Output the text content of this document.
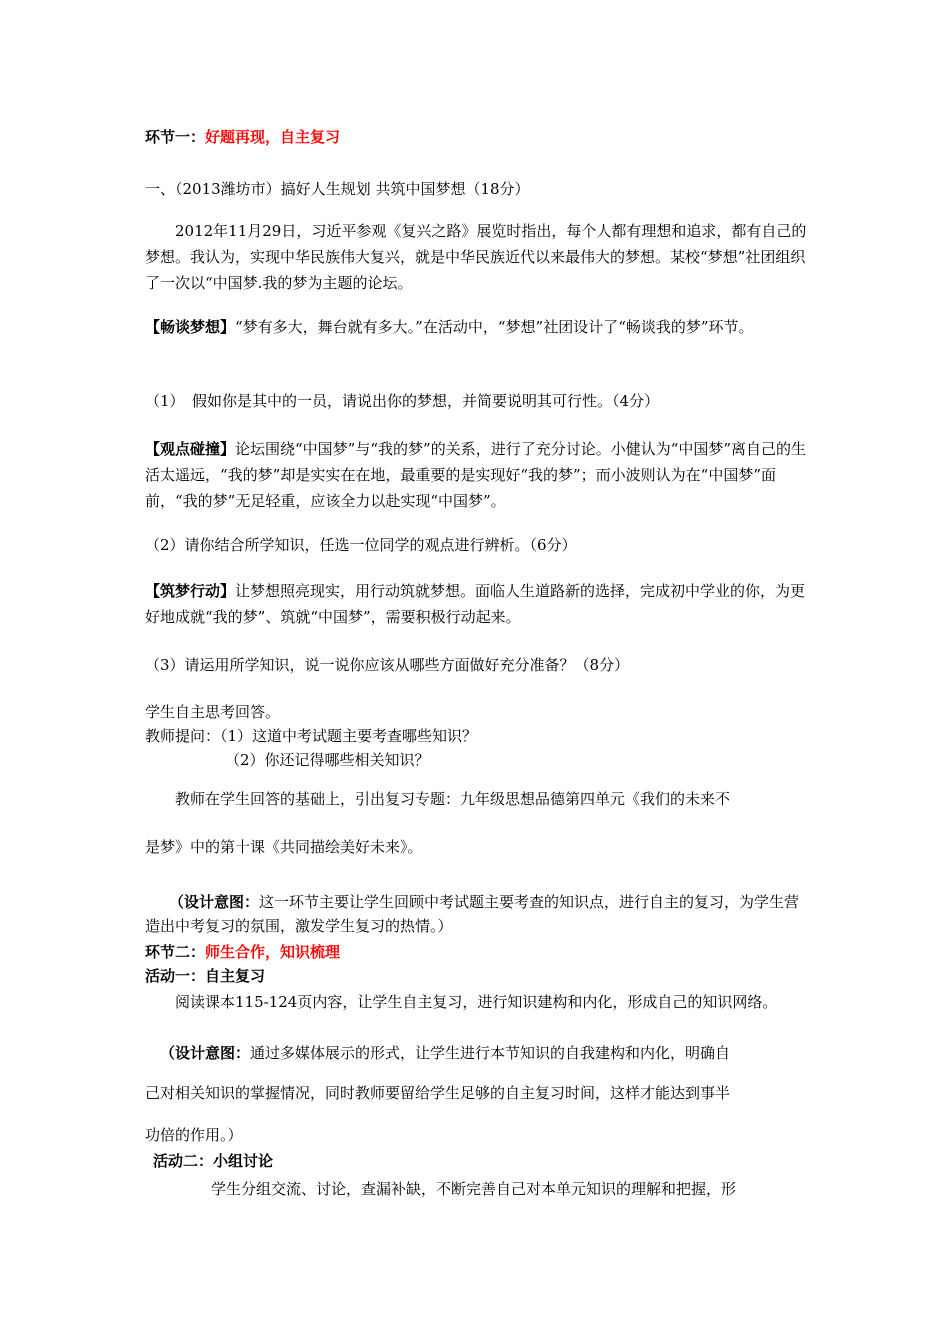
环节一：好题再现，自主复习
一、（2013潍坊市）搞好人生规划 共筑中国梦想（18分）
2012年11月29日，习近平参观《复兴之路》展览时指出，每个人都有理想和追求，都有自己的梦想。我认为，实现中华民族伟大复兴，就是中华民族近代以来最伟大的梦想。某校“梦想”社团组织了一次以“中国梦.我的梦为主题的论坛。
【畅谈梦想】“梦有多大，舞台就有多大。”在活动中，“梦想”社团设计了“畅谈我的梦”环节。
（1）　假如你是其中的一员，请说出你的梦想，并简要说明其可行性。（4分）
【观点碰撞】论坛围绕“中国梦”与“我的梦”的关系，进行了充分讨论。小健认为“中国梦”离自己的生活太遥远，“我的梦”却是实实在在地，最重要的是实现好“我的梦”；而小波则认为在“中国梦”面前，“我的梦”无足轻重，应该全力以赴实现“中国梦”。
（2）请你结合所学知识，任选一位同学的观点进行辨析。（6分）
【筑梦行动】让梦想照亮现实，用行动筑就梦想。面临人生道路新的选择，完成初中学业的你，为更好地成就“我的梦”、筑就“中国梦”，需要积极行动起来。
（3）请运用所学知识，说一说你应该从哪些方面做好充分准备？（8分）
学生自主思考回答。
教师提问：（1）这道中考试题主要考查哪些知识？
（2）你还记得哪些相关知识？
教师在学生回答的基础上，引出复习专题：九年级思想品德第四单元《我们的未来不
是梦》中的第十课《共同描绘美好未来》。
（设计意图：这一环节主要让学生回顾中考试题主要考查的知识点，进行自主的复习，为学生营造出中考复习的氛围，激发学生复习的热情。）
环节二：师生合作，知识梳理
活动一：自主复习
阅读课本115-124页内容，让学生自主复习，进行知识建构和内化，形成自己的知识网络。
（设计意图：通过多媒体展示的形式，让学生进行本节知识的自我建构和内化，明确自
己对相关知识的掌握情况，同时教师要留给学生足够的自主复习时间，这样才能达到事半
功倍的作用。）
活动二：小组讨论
学生分组交流、讨论，查漏补缺，不断完善自己对本单元知识的理解和把握，形
